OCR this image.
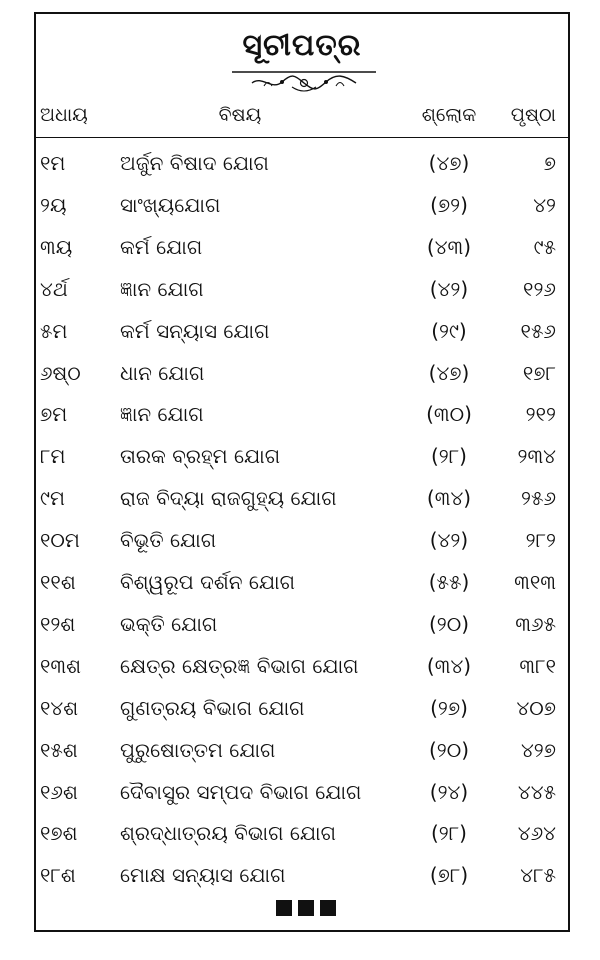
ସୂଚୀପତ୍ର
ଅଧାୟ	ବିଷୟ	ଶ୍ଲୋକ	ପୃଷ୍ଠା
୧ମ	ଅର୍ଜୁନ ବିଷାଦ ଯୋଗ	(୪୭)	୭
୨ୟ	ସାଂଖ୍ୟଯୋଗ	(୭୨)	୪୨
୩ୟ	କର୍ମ ଯୋଗ	(୪୩)	୯୫
୪ର୍ଥ	ଜ୍ଞାନ ଯୋଗ	(୪୨)	୧୨୬
୫ମ	କର୍ମ ସନ୍ୟାସ ଯୋଗ	(୨୯)	୧୫୬
୬ଷ୍ଠ	ଧାନ ଯୋଗ	(୪୭)	୧୭୮
୭ମ	ଜ୍ଞାନ ଯୋଗ	(୩୦)	୨୧୨
୮ମ	ତାରକ ବ୍ରହ୍ମ ଯୋଗ	(୨୮)	୨୩୪
୯ମ	ରାଜ ବିଦ୍ୟା ରାଜଗୁହ୍ୟ ଯୋଗ	(୩୪)	୨୫୬
୧୦ମ	ବିଭୂତି ଯୋଗ	(୪୨)	୨୮୨
୧୧ଶ	ବିଶ୍ୱରୂପ ଦର୍ଶନ ଯୋଗ	(୫୫)	୩୧୩
୧୨ଶ	ଭକ୍ତି ଯୋଗ	(୨୦)	୩୬୫
୧୩ଶ	କ୍ଷେତ୍ର କ୍ଷେତ୍ରଜ୍ଞ ବିଭାଗ ଯୋଗ	(୩୪)	୩୮୧
୧୪ଶ	ଗୁଣତ୍ରୟ ବିଭାଗ ଯୋଗ	(୨୭)	୪୦୭
୧୫ଶ	ପୁରୁଷୋତ୍ତମ ଯୋଗ	(୨୦)	୪୨୭
୧୬ଶ	ଦୈବାସୁର ସମ୍ପଦ ବିଭାଗ ଯୋଗ	(୨୪)	୪୪୫
୧୭ଶ	ଶ୍ରଦ୍ଧାତ୍ରୟ ବିଭାଗ ଯୋଗ	(୨୮)	୪୬୪
୧୮ଶ	ମୋକ୍ଷ ସନ୍ୟାସ ଯୋଗ	(୭୮)	୪୮୫
